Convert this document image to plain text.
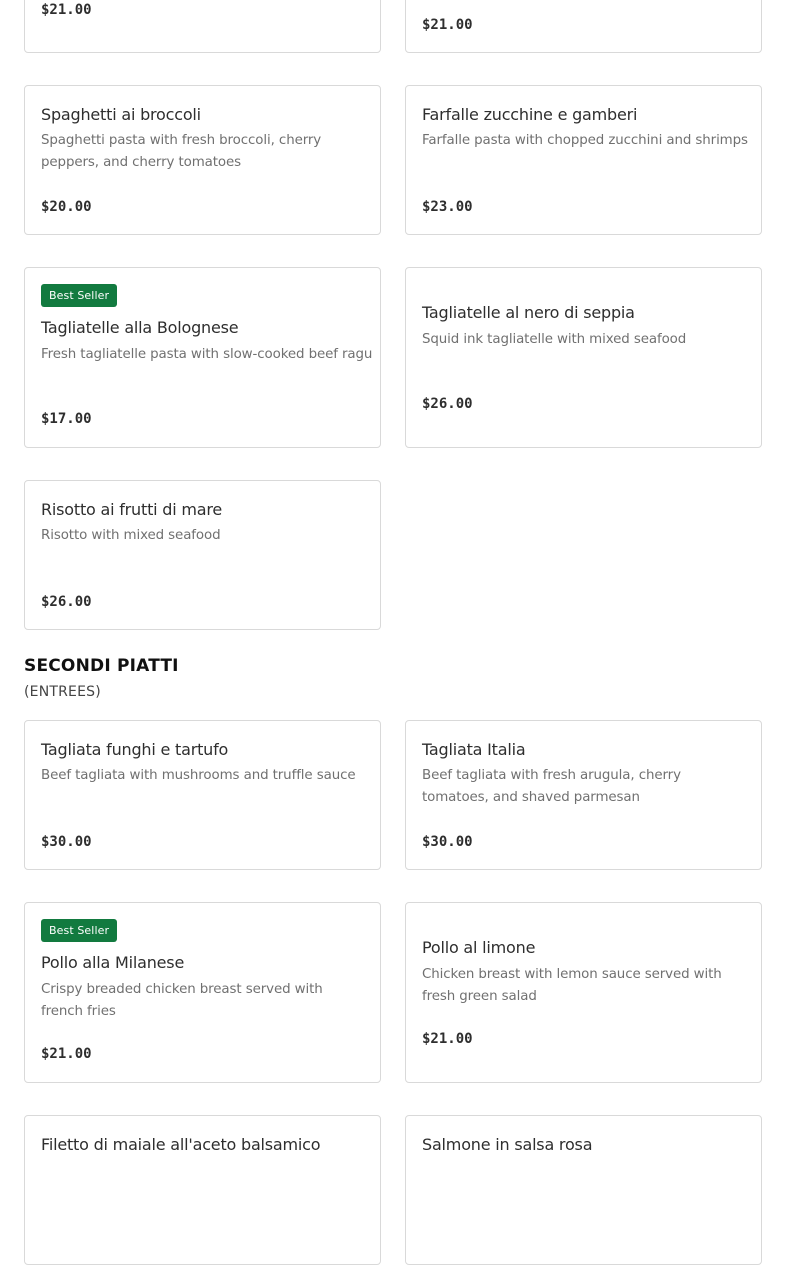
$21.00
$21.00
Spaghetti ai broccoli
Spaghetti pasta with fresh broccoli, cherry peppers, and cherry tomatoes
$20.00
Farfalle zucchine e gamberi
Farfalle pasta with chopped zucchini and shrimps
$23.00
Best Seller
Tagliatelle alla Bolognese
Fresh tagliatelle pasta with slow-cooked beef ragu
$17.00
Tagliatelle al nero di seppia
Squid ink tagliatelle with mixed seafood
$26.00
Risotto ai frutti di mare
Risotto with mixed seafood
$26.00
SECONDI PIATTI
(ENTREES)
Tagliata funghi e tartufo
Beef tagliata with mushrooms and truffle sauce
$30.00
Tagliata Italia
Beef tagliata with fresh arugula, cherry tomatoes, and shaved parmesan
$30.00
Best Seller
Pollo alla Milanese
Crispy breaded chicken breast served with french fries
$21.00
Pollo al limone
Chicken breast with lemon sauce served with fresh green salad
$21.00
Filetto di maiale all'aceto balsamico	Salmone in salsa rosa
